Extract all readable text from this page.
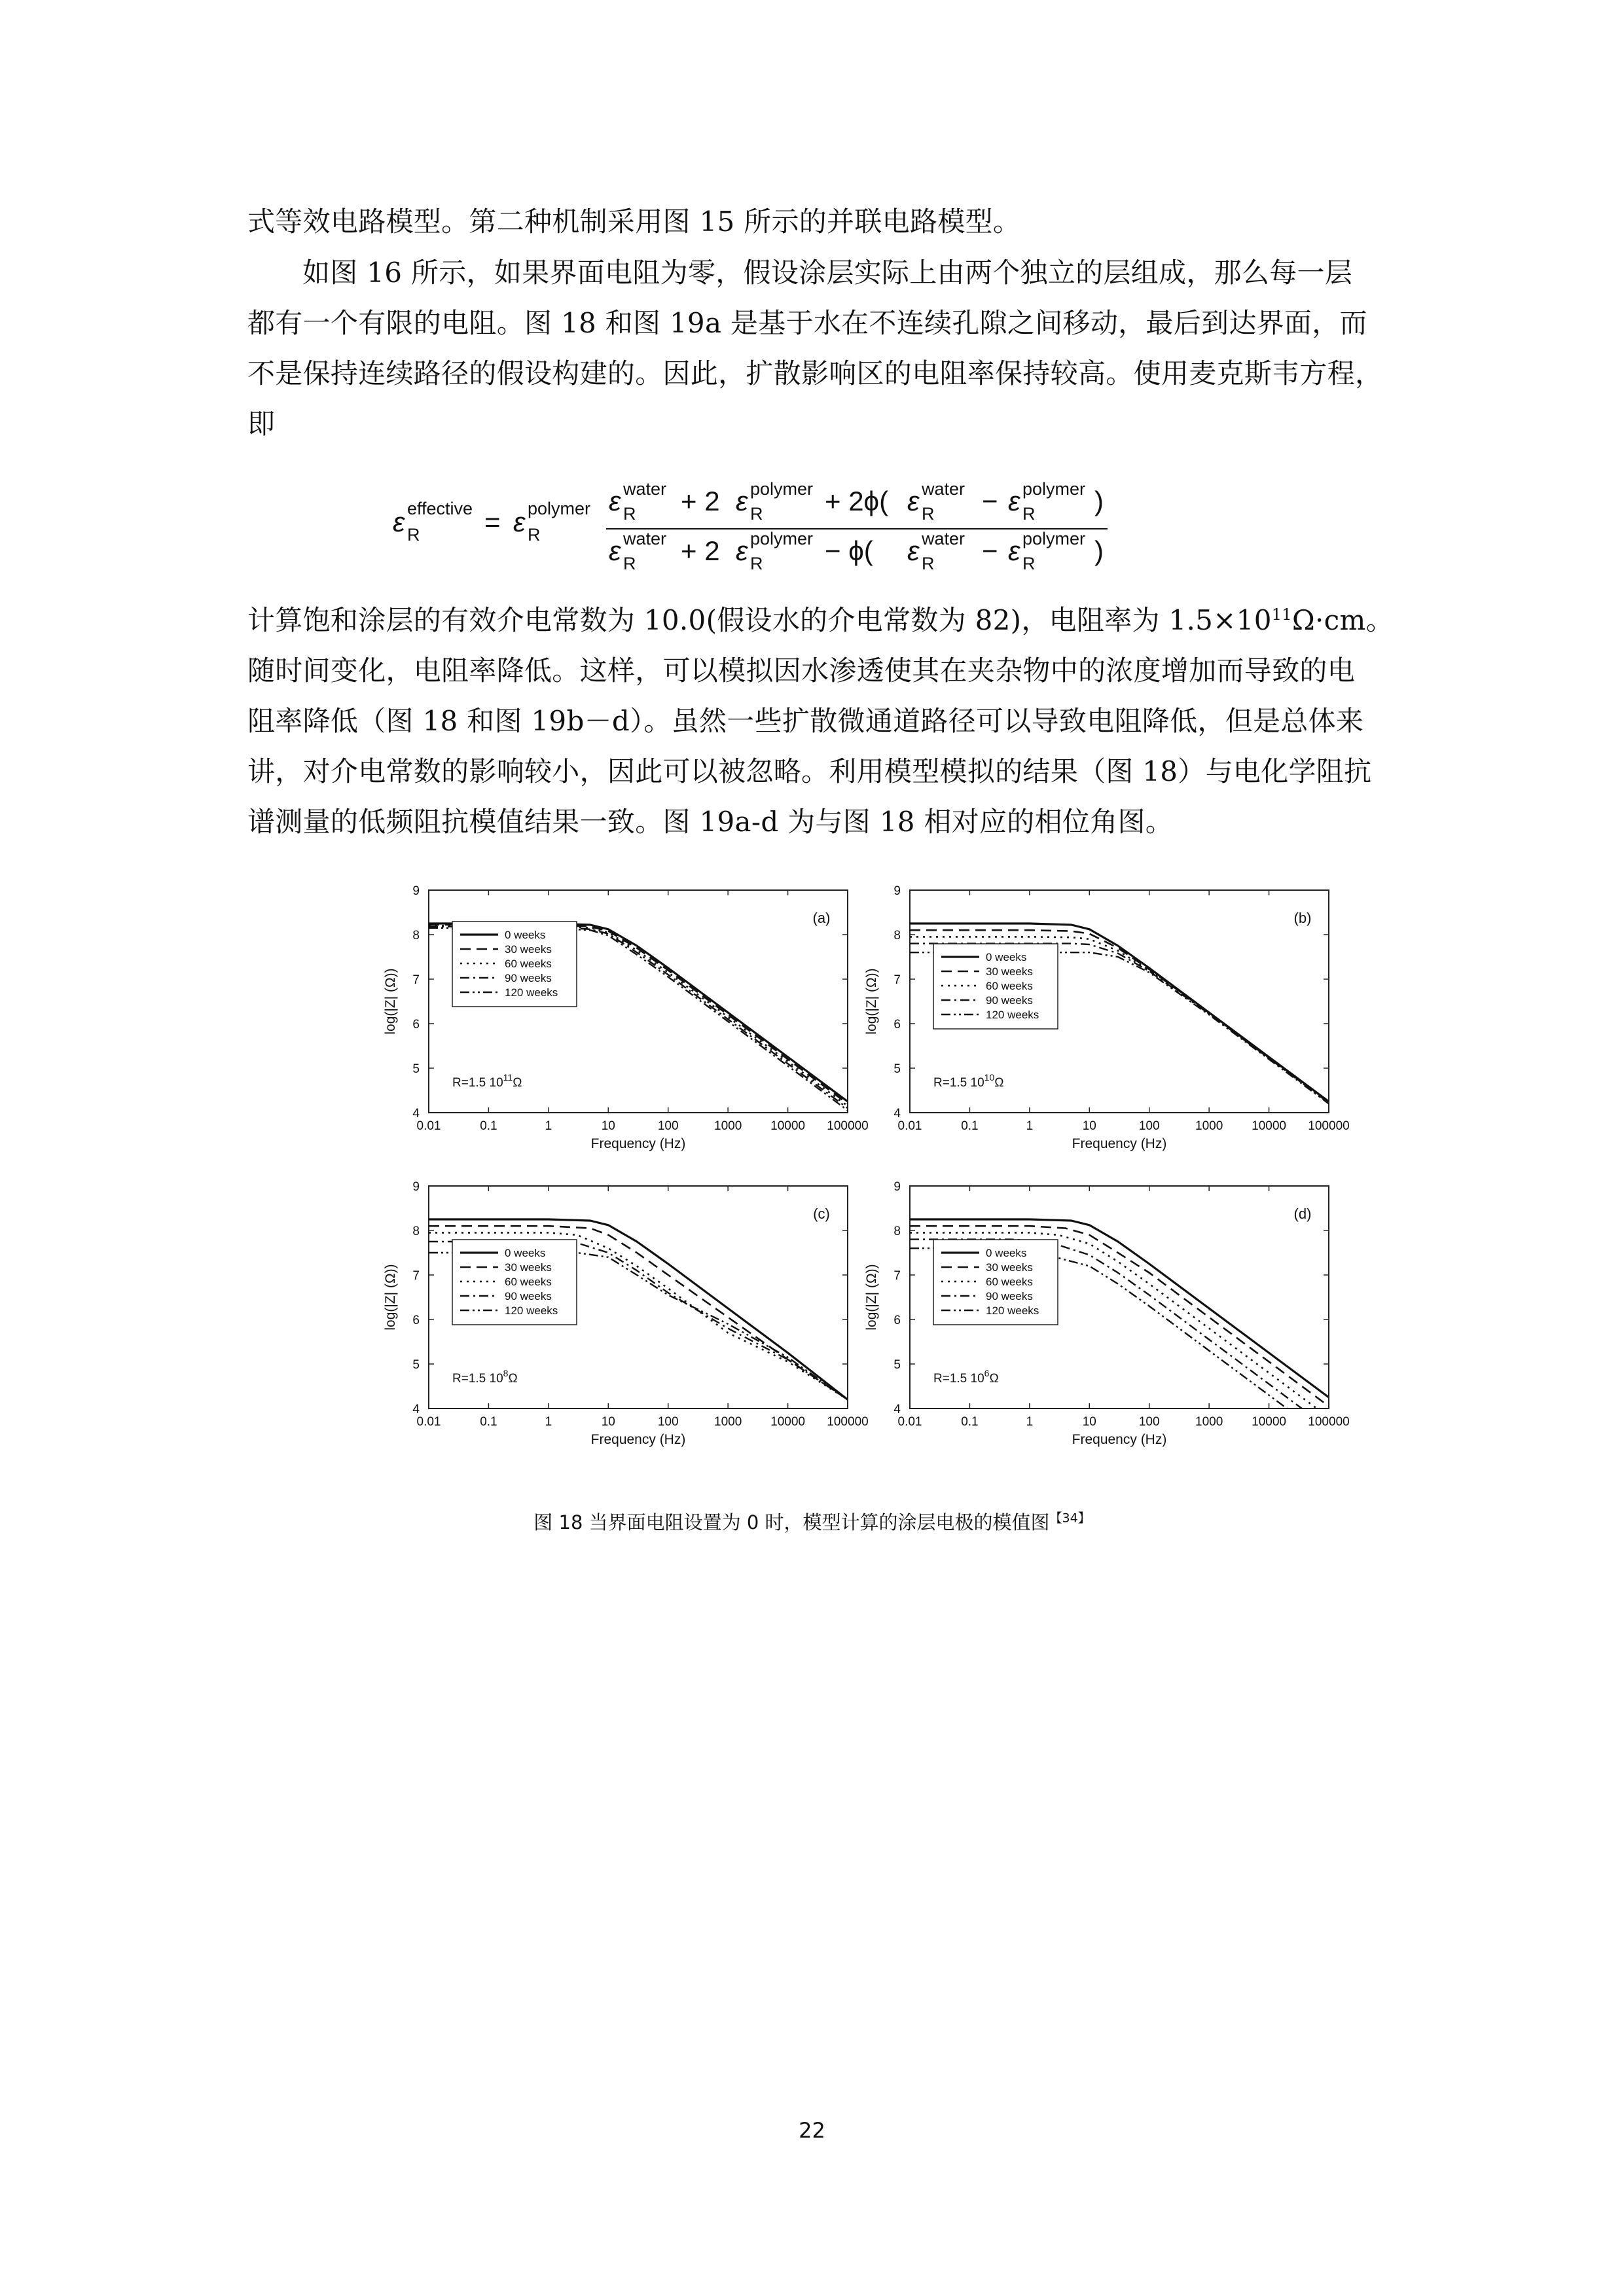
式等效电路模型。第二种机制采用图 15 所示的并联电路模型。
如图 16 所示，如果界面电阻为零，假设涂层实际上由两个独立的层组成，那么每一层
都有一个有限的电阻。图 18 和图 19a 是基于水在不连续孔隙之间移动，最后到达界面，而
不是保持连续路径的假设构建的。因此，扩散影响区的电阻率保持较高。使用麦克斯韦方程，
即
ε R
effective = ε R
polymer ε R
water + 2 ε R
polymer + 2ϕ( ε R
water − ε R
polymer )
ε R
water + 2 ε R
polymer − ϕ( ε R
water − ε R
polymer )
计算饱和涂层的有效介电常数为 10.0(假设水的介电常数为 82)，电阻率为 $1.5\times 10^{11}\Omega\cdot cm$。
随时间变化，电阻率降低。这样，可以模拟因水渗透使其在夹杂物中的浓度增加而导致的电
阻率降低（图 18 和图 19b－d）。虽然一些扩散微通道路径可以导致电阻降低，但是总体来
讲，对介电常数的影响较小，因此可以被忽略。利用模型模拟的结果（图 18）与电化学阻抗
谱测量的低频阻抗模值结果一致。图 19a-d 为与图 18 相对应的相位角图。
0.01	0.1	1	10	100	1000 10000 100000
4
5
6
7
8
9
Frequency (Hz)
log(|Z| (Ω))
(a)
R=1.5 $10^{11}\Omega$
0 weeks
30 weeks
60 weeks
90 weeks
120 weeks
0.01	0.1	1	10	100	1000 10000 100000
4
5
6
7
8
9
Frequency (Hz)
log(|Z| (Ω))
(b)
R=1.5 $10^{10}\Omega$
0 weeks
30 weeks
60 weeks
90 weeks
120 weeks
0.01	0.1	1	10	100	1000 10000 100000
4
5
6
7
8
9
Frequency (Hz)
log(|Z| (Ω))
(c)
R=1.5 $10^8\Omega$
0 weeks
30 weeks
60 weeks
90 weeks
120 weeks
0.01	0.1	1	10	100	1000 10000 100000
4
5
6
7
8
9
Frequency (Hz)
log(|Z| (Ω))
(d)
R=1.5 $10^6\Omega$
0 weeks
30 weeks
60 weeks
90 weeks
120 weeks
图 18 当界面电阻设置为 0 时，模型计算的涂层电极的模值图$^{【34】}$
22
